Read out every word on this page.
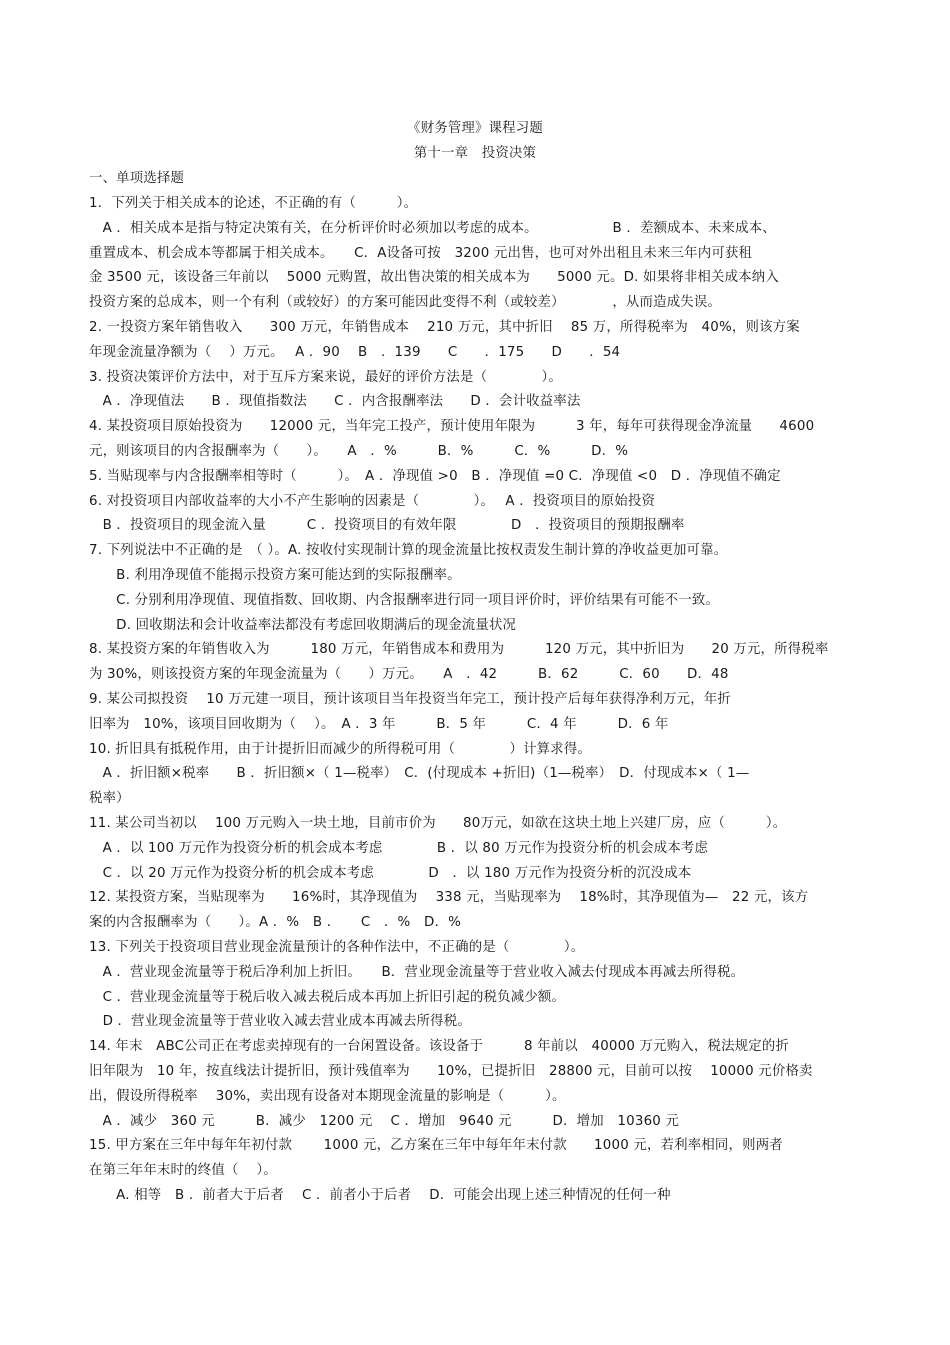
《财务管理》课程习题
第十一章　投资决策
一、单项选择题
1．下列关于相关成本的论述，不正确的有（　　　）。
　A ．相关成本是指与特定决策有关，在分析评价时必须加以考虑的成本。　　　　　　B ．差额成本、未来成本、
重置成本、机会成本等都属于相关成本。　　C．A设备可按　3200 元出售，也可对外出租且未来三年内可获租
金 3500 元，该设备三年前以　 5000 元购置，故出售决策的相关成本为　　5000 元。D. 如果将非相关成本纳入
投资方案的总成本，则一个有利（或较好）的方案可能因此变得不利（或较差）　　　　，从而造成失误。
2. 一投资方案年销售收入　　300 万元，年销售成本　 210 万元，其中折旧　 85 万，所得税率为　40%，则该方案
年现金流量净额为（　 ）万元。　 A ．90　 B　．139　　C　　．175　　D　　．54
3. 投资决策评价方法中，对于互斥方案来说，最好的评价方法是（　　　　）。
　A ．净现值法　　B ．现值指数法　　C ．内含报酬率法　　D ．会计收益率法
4. 某投资项目原始投资为　　12000 元，当年完工投产，预计使用年限为　　　3 年，每年可获得现金净流量　　4600
元，则该项目的内含报酬率为（　　）。　　A　．%　　　B．%　　　C．%　　　D．%
5. 当贴现率与内含报酬率相等时（　　　）。　A ．净现值 >0　B ．净现值 =0 C．净现值 <0　D ．净现值不确定
6. 对投资项目内部收益率的大小不产生影响的因素是（　　　　）。　 A ．投资项目的原始投资
　B ．投资项目的现金流入量　　　C ．投资项目的有效年限　　　　D　．投资项目的预期报酬率
7. 下列说法中不正确的是　（ ）。A. 按收付实现制计算的现金流量比按权责发生制计算的净收益更加可靠。
　　B. 利用净现值不能揭示投资方案可能达到的实际报酬率。
　　C. 分别利用净现值、现值指数、回收期、内含报酬率进行同一项目评价时，评价结果有可能不一致。
　　D. 回收期法和会计收益率法都没有考虑回收期满后的现金流量状况
8. 某投资方案的年销售收入为　　　180 万元，年销售成本和费用为　　　120 万元，其中折旧为　　20 万元，所得税率
为 30%，则该投资方案的年现金流量为（　　）万元。　　A　．42　　　B．62　　　C．60　　D．48
9. 某公司拟投资　 10 万元建一项目，预计该项目当年投资当年完工，预计投产后每年获得净利万元，年折
旧率为　10%，该项目回收期为（　 ）。　A ．3 年　　　B．5 年　　　C．4 年　　　D．6 年
10. 折旧具有抵税作用，由于计提折旧而减少的所得税可用（　　　　）计算求得。
　A ．折旧额×税率　　B ．折旧额×（ 1—税率）　C．(付现成本 +折旧)（1—税率）　D．付现成本×（ 1—
税率）
11. 某公司当初以　 100 万元购入一块土地，目前市价为　　80万元，如欲在这块土地上兴建厂房，应（　　　）。
　A ．以 100 万元作为投资分析的机会成本考虑　　　　B ．以 80 万元作为投资分析的机会成本考虑
　C ．以 20 万元作为投资分析的机会成本考虑　　　　D　．以 180 万元作为投资分析的沉没成本
12. 某投资方案，当贴现率为　　16%时，其净现值为　 338 元，当贴现率为　 18%时，其净现值为—　22 元，该方
案的内含报酬率为（　　）。A ．%　B ．　　C　．%　D．%
13. 下列关于投资项目营业现金流量预计的各种作法中，不正确的是（　　　　）。
　A ．营业现金流量等于税后净利加上折旧。　　B．营业现金流量等于营业收入减去付现成本再减去所得税。
　C ．营业现金流量等于税后收入减去税后成本再加上折旧引起的税负减少额。
　D ．营业现金流量等于营业收入减去营业成本再减去所得税。
14. 年末　ABC公司正在考虑卖掉现有的一台闲置设备。该设备于　　　8 年前以　40000 万元购入，税法规定的折
旧年限为　10 年，按直线法计提折旧，预计残值率为　　10%，已提折旧　28800 元，目前可以按　 10000 元价格卖
出，假设所得税率　 30%，卖出现有设备对本期现金流量的影响是（　　　）。
　A ．减少　360 元　　　B．减少　1200 元　 C ．增加　9640 元　　　D．增加　10360 元
15. 甲方案在三年中每年年初付款　　 1000 元，乙方案在三年中每年年末付款　　1000 元，若利率相同，则两者
在第三年年末时的终值（　 ）。
　　A. 相等　B ．前者大于后者　 C ．前者小于后者　 D．可能会出现上述三种情况的任何一种
